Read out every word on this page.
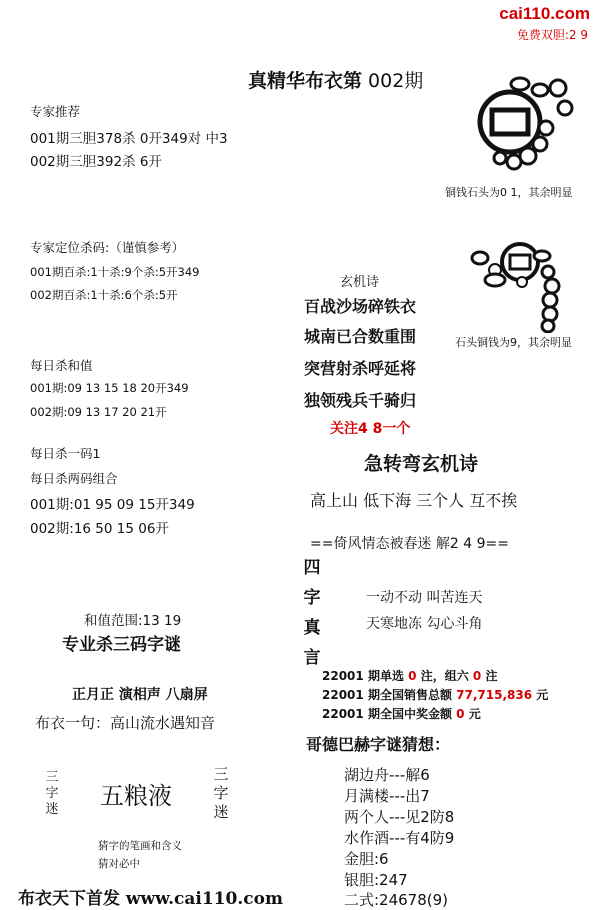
cai110.com
免费双胆:2 9
真精华布衣第 002期
专家推荐
001期三胆378杀 0开349对 中3
002期三胆392杀 6开
专家定位杀码:（谨慎参考）
001期百杀:1十杀:9个杀:5开349
002期百杀:1十杀:6个杀:5开
每日杀和值
001期:09 13 15 18 20开349
002期:09 13 17 20 21开
每日杀一码1
每日杀两码组合
001期:01 95 09 15开349
002期:16 50 15 06开
和值范围:13 19
专业杀三码字谜
正月正 演相声 八扇屏
布衣一句：高山流水遇知音
三
字
迷 五粮液
三
字
迷
猜字的笔画和含义
猜对必中
布衣天下首发 www.cai110.com
铜钱石头为0 1，其余明显
石头铜钱为9，其余明显
玄机诗
百战沙场碎铁衣
城南已合数重围
突营射杀呼延将
独领残兵千骑归
关注4 8一个
急转弯玄机诗
高上山 低下海 三个人 互不挨
==倚风情态被春迷 解2 4 9==
四
字
真
言
一动不动 叫苦连天
天寒地冻 勾心斗角
22001 期单选 0 注，组六 0 注
22001 期全国销售总额 77,715,836 元
22001 期全国中奖金额 0 元
哥德巴赫字谜猜想：
湖边舟---解6
月满楼---出7
两个人---见2防8
水作酒---有4防9
金胆:6
银胆:247
二式:24678(9)
